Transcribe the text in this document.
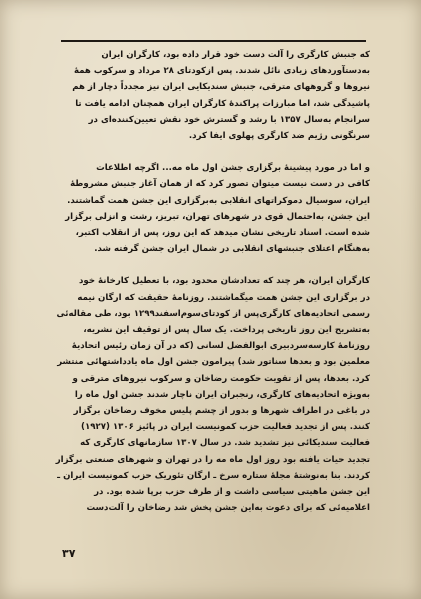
که جنبش کارگری را آلت دست خود قرار داده بود، کارگران ایران
به‌دستآوردهای زیادی نائل شدند. پس ازکودتای ۲۸ مرداد و سرکوب همهٔ
نیروها و گروههای مترقی، جنبش سندیکایی ایران نیز مجدداً دچار از هم
پاشیدگی شد، اما مبارزات پراکندهٔ کارگران ایران همچنان ادامه یافت تا
سرانجام به‌سال ۱۳۵۷ با رشد و گسترش خود نقش تعیین‌کننده‌ای در
سرنگونی رژیم ضد کارگری پهلوی ایفا کرد.
و اما در مورد پیشینهٔ برگزاری جشن اول ماه مه... اگرچه اطلاعات
کافی در دست نیست میتوان تصور کرد که از همان آغاز جنبش مشروطهٔ
ایران، سوسیال دموکراتهای انقلابی به‌برگزاری این جشن همت گماشتند.
این جشن، به‌احتمال قوی در شهرهای تهران، تبریز، رشت و انزلی برگزار
شده است. اسناد تاریخی نشان میدهد که این روز، پس از انقلاب اکتبر،
به‌هنگام اعتلای جنبشهای انقلابی در شمال ایران جشن گرفته شد.
کارگران ایران، هر چند که تعدادشان محدود بود، با تعطیل کارخانهٔ خود
در برگزاری این جشن همت میگماشتند. روزنامهٔ حقیقت که ارگان نیمه
رسمی اتحادیه‌های کارگری‌پس از کودتای‌سوم‌اسفند۱۲۹۹ بود، طی مقاله‌ئی
به‌تشریح این روز تاریخی پرداخت. یک سال پس از توقیف این نشریه،
روزنامهٔ کارسه‌سردبیری ابوالفضل لسانی (که در آن زمان رئیس اتحادیهٔ
معلمین بود و بعدها سناتور شد) پیرامون جشن اول ماه یادداشتهائی منتشر
کرد. بعدها، پس از تقویت حکومت رضاخان و سرکوب نیروهای مترقی و
به‌ویژه اتحادیه‌های کارگری، رنجبران ایران ناچار شدند جشن اول ماه را
در باغی در اطراف شهرها و بدور از چشم پلیس مخوف رضاخان برگزار
کنند. پس از تجدید فعالیت حزب کمونیست ایران در پائیز ۱۳۰۶ (۱۹۲۷)
فعالیت سندیکائی نیز تشدید شد. در سال ۱۳۰۷ سازمانهای کارگری که
تجدید حیات یافته بود روز اول ماه مه را در تهران و شهرهای صنعتی برگزار
کردند. بنا به‌نوشتهٔ مجلهٔ ستاره سرخ ـ ارگان تئوریک حزب کمونیست ایران ـ
این جشن ماهیتی سیاسی داشت و از طرف حزب برپا شده بود. در
اعلامیه‌ئی که برای دعوت به‌این جشن پخش شد رضاخان را آلت‌دست
۳۷
